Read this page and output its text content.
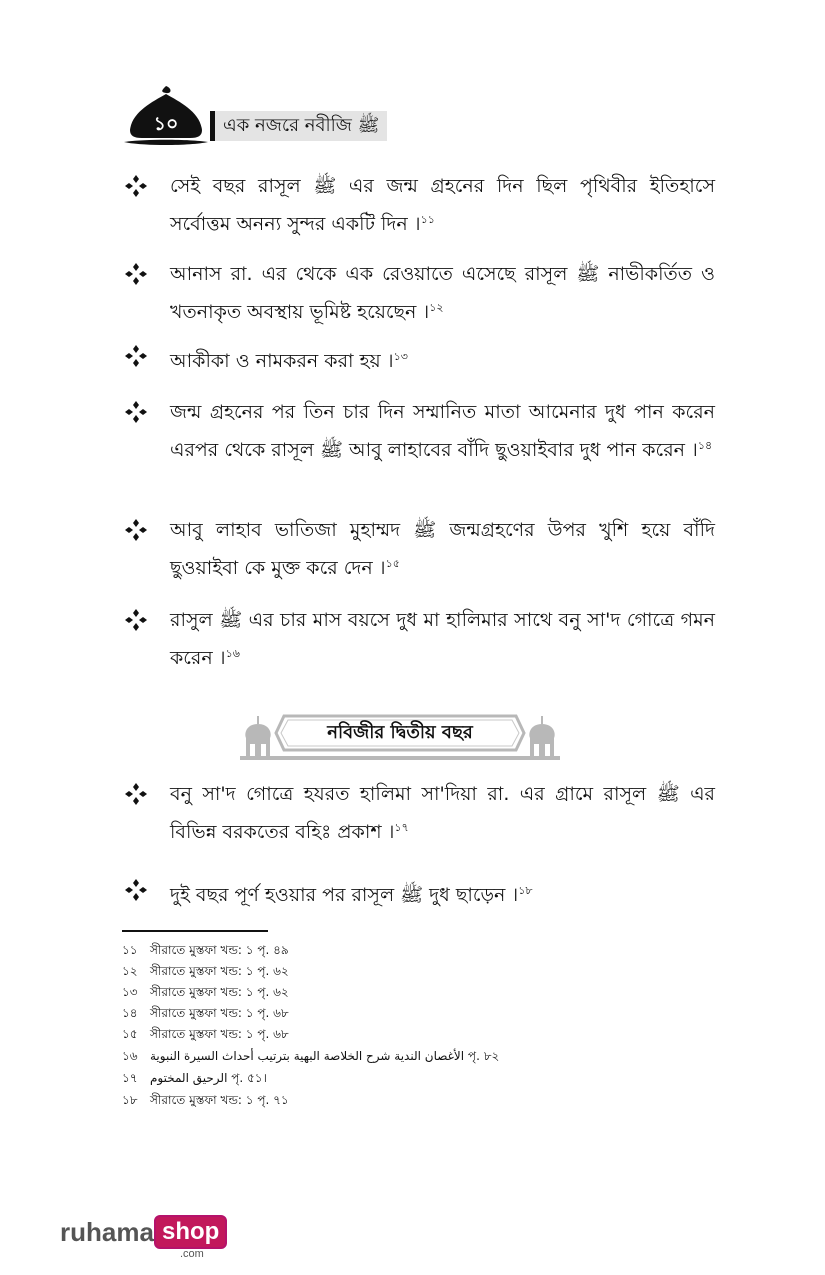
১০	এক নজরে নবীজি ﷺ
সেই বছর রাসূল ﷺ এর জন্ম গ্রহনের দিন ছিল পৃথিবীর ইতিহাসে সর্বোত্তম অনন্য সুন্দর একটি দিন ।$^{১১}$
আনাস রা. এর থেকে এক রেওয়াতে এসেছে রাসূল ﷺ নাভীকর্তিত ও খতনাকৃত অবস্থায় ভূমিষ্ট হয়েছেন ।$^{১২}$
আকীকা ও নামকরন করা হয় ।$^{১৩}$
জন্ম গ্রহনের পর তিন চার দিন সম্মানিত মাতা আমেনার দুধ পান করেন এরপর থেকে রাসূল ﷺ আবু লাহাবের বাঁদি ছুওয়াইবার দুধ পান করেন ।$^{১৪}$
আবু লাহাব ভাতিজা মুহাম্মদ ﷺ জন্মগ্রহণের উপর খুশি হয়ে বাঁদি ছুওয়াইবা কে মুক্ত করে দেন ।$^{১৫}$
রাসুল ﷺ এর চার মাস বয়সে দুধ মা হালিমার সাথে বনু সা'দ গোত্রে গমন করেন ।$^{১৬}$
বনু সা'দ গোত্রে হযরত হালিমা সা'দিয়া রা. এর গ্রামে রাসূল ﷺ এর বিভিন্ন বরকতের বহিঃ প্রকাশ ।$^{১৭}$
দুই বছর পূর্ণ হওয়ার পর রাসূল ﷺ দুধ ছাড়েন ।$^{১৮}$
নবিজীর দ্বিতীয় বছর
১১ সীরাতে মুস্তফা খন্ড: ১ পৃ. ৪৯
১২ সীরাতে মুস্তফা খন্ড: ১ পৃ. ৬২
১৩ সীরাতে মুস্তফা খন্ড: ১ পৃ. ৬২
১৪ সীরাতে মুস্তফা খন্ড: ১ পৃ. ৬৮
১৫ সীরাতে মুস্তফা খন্ড: ১ পৃ. ৬৮
১৬ الأغصان الندية شرح الخلاصة البهية بترتيب أحداث السيرة النبوية পৃ. ৮২
১৭ الرحيق المختوم পৃ. ৫১।
১৮ সীরাতে মুস্তফা খন্ড: ১ পৃ. ৭১
ruhama shop
.com
